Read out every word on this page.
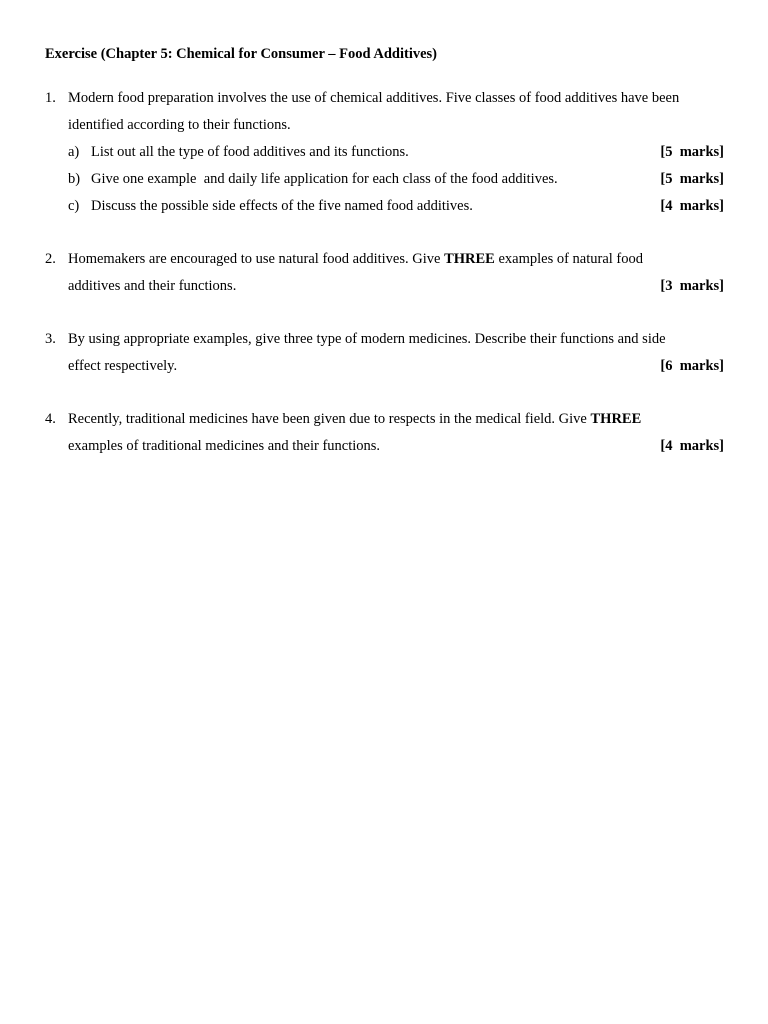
Exercise (Chapter 5: Chemical for Consumer – Food Additives)
1. Modern food preparation involves the use of chemical additives. Five classes of food additives have been
identified according to their functions.
a) List out all the type of food additives and its functions.	[5  marks]
b) Give one example  and daily life application for each class of the food additives.	[5  marks]
c) Discuss the possible side effects of the five named food additives.	[4  marks]
2. Homemakers are encouraged to use natural food additives. Give THREE examples of natural food
additives and their functions.	[3  marks]
3. By using appropriate examples, give three type of modern medicines. Describe their functions and side
effect respectively.	[6  marks]
4. Recently, traditional medicines have been given due to respects in the medical field. Give THREE
examples of traditional medicines and their functions.	[4  marks]
